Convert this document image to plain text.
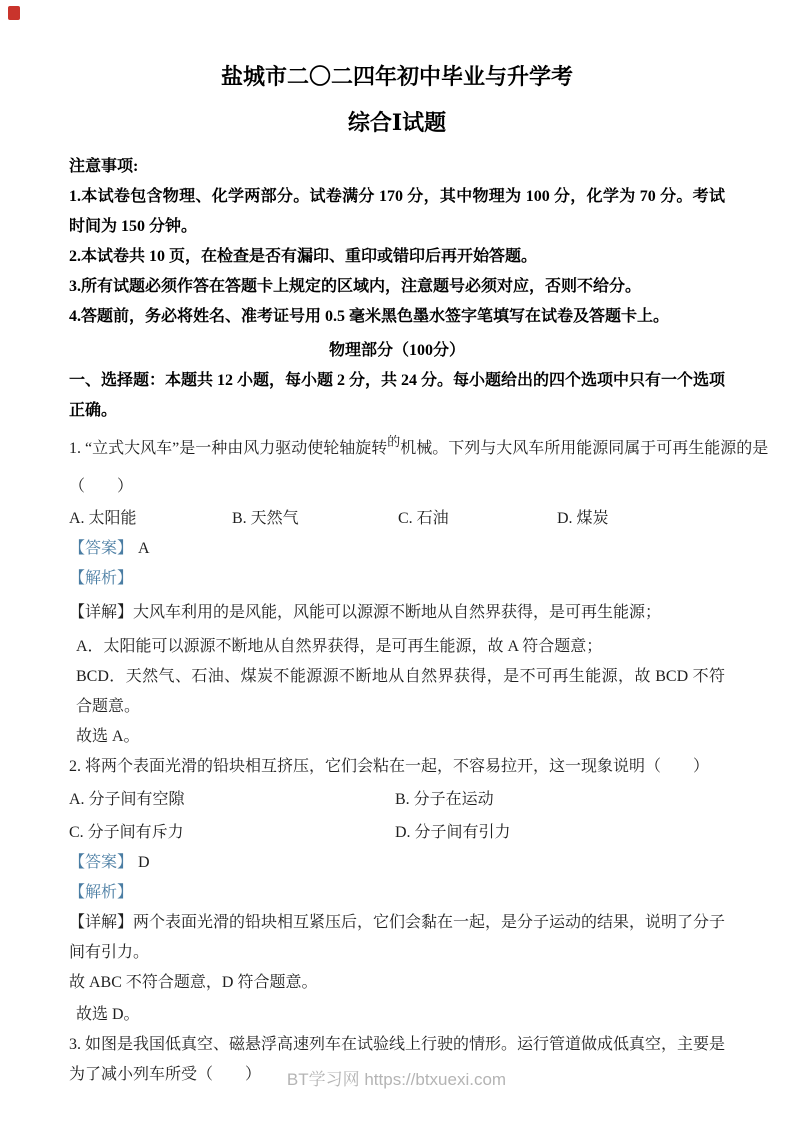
盐城市二〇二四年初中毕业与升学考
综合Ⅰ试题

注意事项:

1.本试卷包含物理、化学两部分。试卷满分 170 分，其中物理为 100 分，化学为 70 分。考试时间为 150 分钟。

2.本试卷共 10 页，在检查是否有漏印、重印或错印后再开始答题。

3.所有试题必须作答在答题卡上规定的区域内，注意题号必须对应，否则不给分。

4.答题前，务必将姓名、准考证号用 0.5 毫米黑色墨水签字笔填写在试卷及答题卡上。

物理部分（100分）

一、选择题：本题共 12 小题，每小题 2 分，共 24 分。每小题给出的四个选项中只有一个选项正确。

1. “立式大风车”是一种由风力驱动使轮轴旋转$^的$机械。下列与大风车所用能源同属于可再生能源的是

（　　）

A. 太阳能	B. 天然气	C. 石油	D. 煤炭

【答案】 A

【解析】

【详解】大风车利用的是风能，风能可以源源不断地从自然界获得，是可再生能源；

A．太阳能可以源源不断地从自然界获得，是可再生能源，故 A 符合题意；

BCD．天然气、石油、煤炭不能源源不断地从自然界获得，是不可再生能源，故 BCD 不符合题意。

故选 A。

2. 将两个表面光滑的铅块相互挤压，它们会粘在一起，不容易拉开，这一现象说明（　　）

A. 分子间有空隙	B. 分子在运动
C. 分子间有斥力	D. 分子间有引力

【答案】 D

【解析】

【详解】两个表面光滑的铅块相互紧压后，它们会黏在一起，是分子运动的结果，说明了分子间有引力。

故 ABC 不符合题意，D 符合题意。

故选 D。

3. 如图是我国低真空、磁悬浮高速列车在试验线上行驶的情形。运行管道做成低真空，主要是为了减小列车所受（　　）	BT学习网 https://btxuexi.com
